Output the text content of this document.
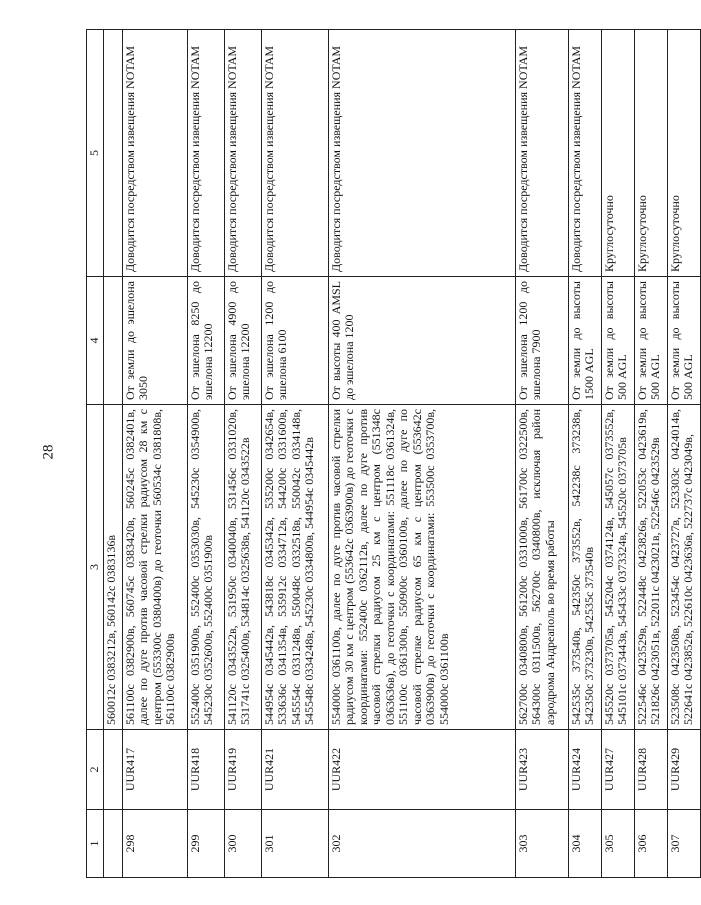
28
1	2	3	4	5
		560012c 0383212в, 560142c 0383136в		
298	UUR417	561100c 0382900в, 560745c 0383420в, 560245c 0382401в, далее по дуге против часовой стрелки радиусом 28 км с центром (553300c 0380400в) до геоточки 560534c 0381808в, 561100c 0382900в	От земли до эшелона 3050	Доводится посредством извещения NOTAM
299	UUR418	552400c 0351900в, 552400c 0353030в, 545230c 0354900в, 545230c 0352600в, 552400c 0351900в	От эшелона 8250 до эшелона 12200	Доводится посредством извещения NOTAM
300	UUR419	541120c 0343522в, 531950c 0340040в, 531456c 0331020в, 531741c 0325400в, 534814c 0325638в, 541120c 0343522в	От эшелона 4900 до эшелона 12200	Доводится посредством извещения NOTAM
301	UUR421	544954c 0345442в, 543818c 0345342в, 535200c 0342654в, 533636c 0341354в, 535912c 0334712в, 544200c 0331600в, 545554c 0331248в, 550048c 0332518в, 550042c 0334148в, 545548c 0334248в, 545230c 0334800в, 544954c 0345442в	От эшелона 1200 до эшелона 6100	Доводится посредством извещения NOTAM
302	UUR422	554000c 0361100в, далее по дуге против часовой стрелки радиусом 30 км с центром (553642c 0363900в) до геоточки с координатами: 552400c 0362112в, далее по дуге против часовой стрелки радиусом 25 км с центром (551348c 0363636в), до геоточки с координатами: 551118c 0361324в, 551100c 0361300в, 550900c 0360100в, далее по дуге по часовой стрелке радиусом 65 км с центром (553642c 0363900в) до геоточки с координатами: 553500c 0353700в, 554000c 0361100в	От высоты 400 AMSL до эшелона 1200	Доводится посредством извещения NOTAM
303	UUR423	562700c 0340800в, 561200c 0331000в, 561700c 0322500в, 564300c 0311500в, 562700c 0340800в, исключая район аэродрома Андреаполь во время работы	От эшелона 1200 до эшелона 7900	Доводится посредством извещения NOTAM
304	UUR424	542535c 373540в, 542350c 373552в, 542238c 373238в, 542350c 373230в, 542535c 373540в	От земли до высоты 1500 AGL	Доводится посредством извещения NOTAM
305	UUR427	545520c 0373705в, 545204c 0374124в, 545057c 0373552в, 545101c 0373443в, 545433c 0373324в, 545520c 0373705в	От земли до высоты 500 AGL	Круглосуточно
306	UUR428	522546c 0423529в, 522448c 0423826в, 522053c 0423619в, 521826c 0423051в, 522011c 0423021в, 522546c 0423529в	От земли до высоты 500 AGL	Круглосуточно
307	UUR429	523508c 0423508в, 523454c 0423727в, 523303c 0424014в, 522641c 0423852в, 522610c 0423636в, 522737c 0423049в,	От земли до высоты 500 AGL	Круглосуточно
